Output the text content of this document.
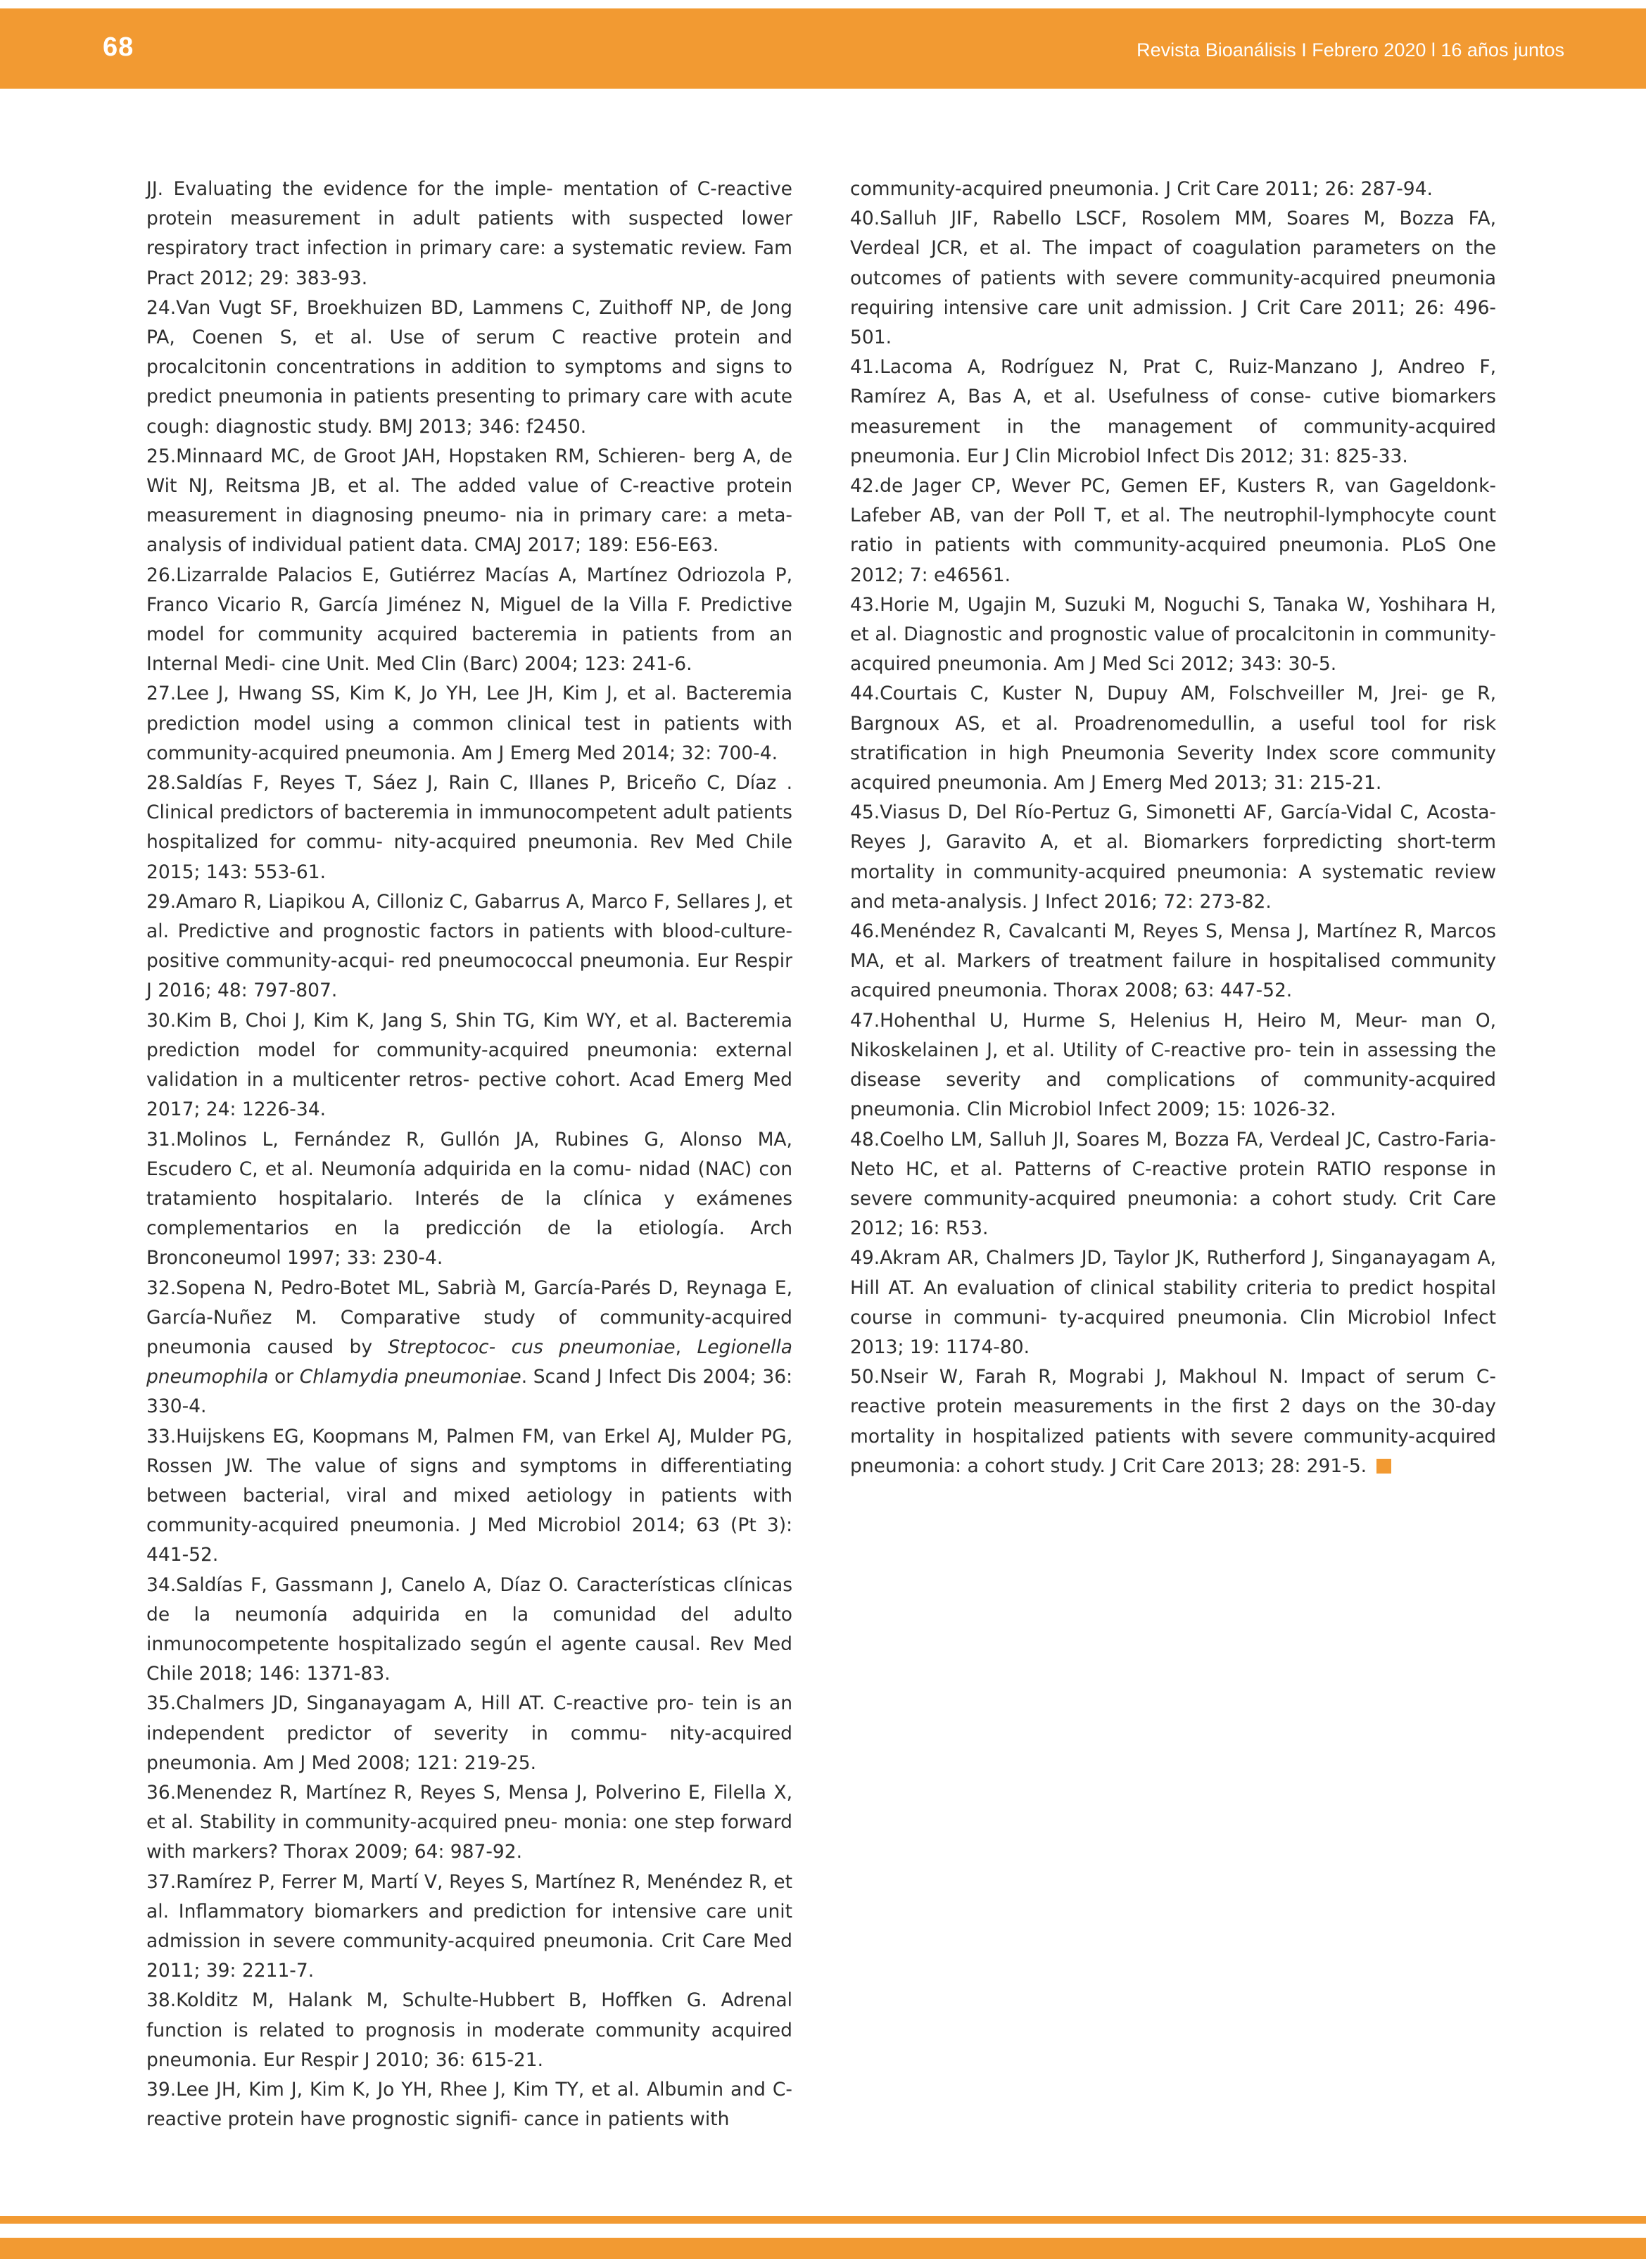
68	Revista Bioanálisis I Febrero 2020 l 16 años juntos

JJ. Evaluating the evidence for the imple- mentation of C-reactive protein measurement in adult patients with suspected lower respiratory tract infection in primary care: a systematic review. Fam Pract 2012; 29: 383-93.

24.Van Vugt SF, Broekhuizen BD, Lammens C, Zuithoff NP, de Jong PA, Coenen S, et al. Use of serum C reactive protein and procalcitonin concentrations in addition to symptoms and signs to predict pneumonia in patients presenting to primary care with acute cough: diagnostic study. BMJ 2013; 346: f2450.

25.Minnaard MC, de Groot JAH, Hopstaken RM, Schieren- berg A, de Wit NJ, Reitsma JB, et al. The added value of C-reactive protein measurement in diagnosing pneumo- nia in primary care: a meta-analysis of individual patient data. CMAJ 2017; 189: E56-E63.

26.Lizarralde Palacios E, Gutiérrez Macías A, Martínez Odriozola P, Franco Vicario R, García Jiménez N, Miguel de la Villa F. Predictive model for community acquired bacteremia in patients from an Internal Medi- cine Unit. Med Clin (Barc) 2004; 123: 241-6.

27.Lee J, Hwang SS, Kim K, Jo YH, Lee JH, Kim J, et al. Bacteremia prediction model using a common clinical test in patients with community-acquired pneumonia. Am J Emerg Med 2014; 32: 700-4.

28.Saldías F, Reyes T, Sáez J, Rain C, Illanes P, Briceño C, Díaz . Clinical predictors of bacteremia in immunocompetent adult patients hospitalized for commu- nity-acquired pneumonia. Rev Med Chile 2015; 143: 553-61.

29.Amaro R, Liapikou A, Cilloniz C, Gabarrus A, Marco F, Sellares J, et al. Predictive and prognostic factors in patients with blood-culture-positive community-acqui- red pneumococcal pneumonia. Eur Respir J 2016; 48: 797-807.

30.Kim B, Choi J, Kim K, Jang S, Shin TG, Kim WY, et al. Bacteremia prediction model for community-acquired pneumonia: external validation in a multicenter retros- pective cohort. Acad Emerg Med 2017; 24: 1226-34.

31.Molinos L, Fernández R, Gullón JA, Rubines G, Alonso MA, Escudero C, et al. Neumonía adquirida en la comu- nidad (NAC) con tratamiento hospitalario. Interés de la clínica y exámenes complementarios en la predicción de la etiología. Arch Bronconeumol 1997; 33: 230-4.

32.Sopena N, Pedro-Botet ML, Sabrià M, García-Parés D, Reynaga E, García-Nuñez M. Comparative study of community-acquired pneumonia caused by Streptococ- cus pneumoniae, Legionella pneumophila or Chlamydia pneumoniae. Scand J Infect Dis 2004; 36: 330-4.

33.Huijskens EG, Koopmans M, Palmen FM, van Erkel AJ, Mulder PG, Rossen JW. The value of signs and symptoms in differentiating between bacterial, viral and mixed aetiology in patients with community-acquired pneumonia. J Med Microbiol 2014; 63 (Pt 3): 441-52.

34.Saldías F, Gassmann J, Canelo A, Díaz O. Características clínicas de la neumonía adquirida en la comunidad del adulto inmunocompetente hospitalizado según el agente causal. Rev Med Chile 2018; 146: 1371-83.

35.Chalmers JD, Singanayagam A, Hill AT. C-reactive pro- tein is an independent predictor of severity in commu- nity-acquired pneumonia. Am J Med 2008; 121: 219-25.

36.Menendez R, Martínez R, Reyes S, Mensa J, Polverino E, Filella X, et al. Stability in community-acquired pneu- monia: one step forward with markers? Thorax 2009; 64: 987-92.

37.Ramírez P, Ferrer M, Martí V, Reyes S, Martínez R, Menéndez R, et al. Inflammatory biomarkers and prediction for intensive care unit admission in severe community-acquired pneumonia. Crit Care Med 2011; 39: 2211-7.

38.Kolditz M, Halank M, Schulte-Hubbert B, Hoffken G. Adrenal function is related to prognosis in moderate community acquired pneumonia. Eur Respir J 2010; 36: 615-21.

39.Lee JH, Kim J, Kim K, Jo YH, Rhee J, Kim TY, et al. Albumin and C-reactive protein have prognostic signifi- cance in patients with

community-acquired pneumonia. J Crit Care 2011; 26: 287-94.

40.Salluh JIF, Rabello LSCF, Rosolem MM, Soares M, Bozza FA, Verdeal JCR, et al. The impact of coagulation parameters on the outcomes of patients with severe community-acquired pneumonia requiring intensive care unit admission. J Crit Care 2011; 26: 496-501.

41.Lacoma A, Rodríguez N, Prat C, Ruiz-Manzano J, Andreo F, Ramírez A, Bas A, et al. Usefulness of conse- cutive biomarkers measurement in the management of community-acquired pneumonia. Eur J Clin Microbiol Infect Dis 2012; 31: 825-33.

42.de Jager CP, Wever PC, Gemen EF, Kusters R, van Gageldonk-Lafeber AB, van der Poll T, et al. The neutrophil-lymphocyte count ratio in patients with community-acquired pneumonia. PLoS One 2012; 7: e46561.

43.Horie M, Ugajin M, Suzuki M, Noguchi S, Tanaka W, Yoshihara H, et al. Diagnostic and prognostic value of procalcitonin in community-acquired pneumonia. Am J Med Sci 2012; 343: 30-5.

44.Courtais C, Kuster N, Dupuy AM, Folschveiller M, Jrei- ge R, Bargnoux AS, et al. Proadrenomedullin, a useful tool for risk stratification in high Pneumonia Severity Index score community acquired pneumonia. Am J Emerg Med 2013; 31: 215-21.

45.Viasus D, Del Río-Pertuz G, Simonetti AF, García-Vidal C, Acosta-Reyes J, Garavito A, et al. Biomarkers forpredicting short-term mortality in community-acquired pneumonia: A systematic review and meta-analysis. J Infect 2016; 72: 273-82.

46.Menéndez R, Cavalcanti M, Reyes S, Mensa J, Martínez R, Marcos MA, et al. Markers of treatment failure in hospitalised community acquired pneumonia. Thorax 2008; 63: 447-52.

47.Hohenthal U, Hurme S, Helenius H, Heiro M, Meur- man O, Nikoskelainen J, et al. Utility of C-reactive pro- tein in assessing the disease severity and complications of community-acquired pneumonia. Clin Microbiol Infect 2009; 15: 1026-32.

48.Coelho LM, Salluh JI, Soares M, Bozza FA, Verdeal JC, Castro-Faria-Neto HC, et al. Patterns of C-reactive protein RATIO response in severe community-acquired pneumonia: a cohort study. Crit Care 2012; 16: R53.

49.Akram AR, Chalmers JD, Taylor JK, Rutherford J, Singanayagam A, Hill AT. An evaluation of clinical stability criteria to predict hospital course in communi- ty-acquired pneumonia. Clin Microbiol Infect 2013; 19: 1174-80.

50.Nseir W, Farah R, Mograbi J, Makhoul N. Impact of serum C-reactive protein measurements in the first 2 days on the 30-day mortality in hospitalized patients with severe community-acquired pneumonia: a cohort study. J Crit Care 2013; 28: 291-5.
